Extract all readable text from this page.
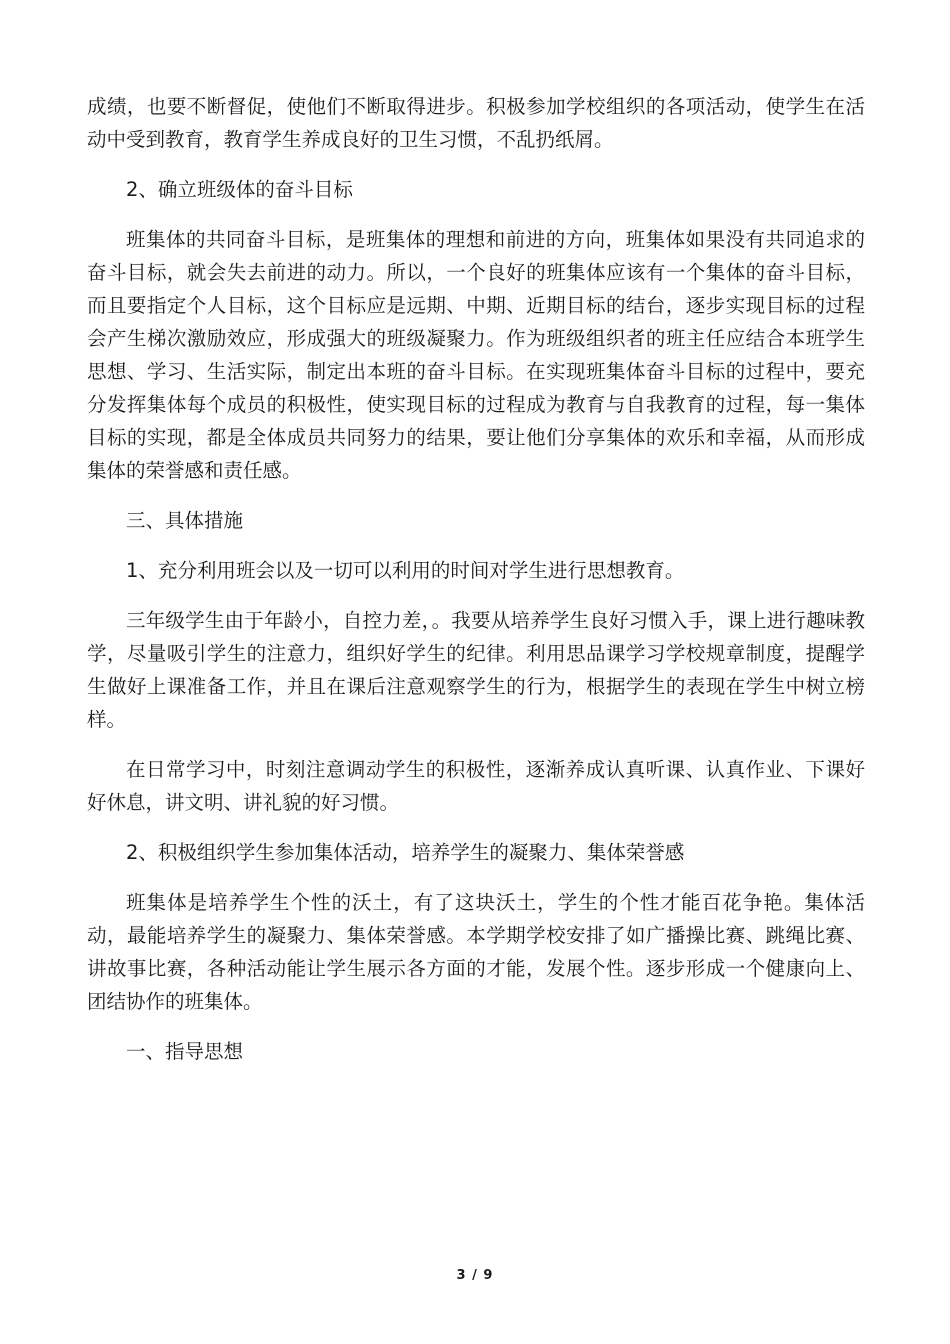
成绩，也要不断督促，使他们不断取得进步。积极参加学校组织的各项活动，使学生在活动中受到教育，教育学生养成良好的卫生习惯，不乱扔纸屑。

2、确立班级体的奋斗目标

班集体的共同奋斗目标，是班集体的理想和前进的方向，班集体如果没有共同追求的奋斗目标，就会失去前进的动力。所以，一个良好的班集体应该有一个集体的奋斗目标，而且要指定个人目标，这个目标应是远期、中期、近期目标的结台，逐步实现目标的过程会产生梯次激励效应，形成强大的班级凝聚力。作为班级组织者的班主任应结合本班学生思想、学习、生活实际，制定出本班的奋斗目标。在实现班集体奋斗目标的过程中，要充分发挥集体每个成员的积极性，使实现目标的过程成为教育与自我教育的过程，每一集体目标的实现，都是全体成员共同努力的结果，要让他们分享集体的欢乐和幸福，从而形成集体的荣誉感和责任感。

三、具体措施

1、充分利用班会以及一切可以利用的时间对学生进行思想教育。

三年级学生由于年龄小，自控力差，。我要从培养学生良好习惯入手，课上进行趣味教学，尽量吸引学生的注意力，组织好学生的纪律。利用思品课学习学校规章制度，提醒学生做好上课准备工作，并且在课后注意观察学生的行为，根据学生的表现在学生中树立榜样。

在日常学习中，时刻注意调动学生的积极性，逐渐养成认真听课、认真作业、下课好好休息，讲文明、讲礼貌的好习惯。

2、积极组织学生参加集体活动，培养学生的凝聚力、集体荣誉感

班集体是培养学生个性的沃土，有了这块沃土，学生的个性才能百花争艳。集体活动，最能培养学生的凝聚力、集体荣誉感。本学期学校安排了如广播操比赛、跳绳比赛、讲故事比赛，各种活动能让学生展示各方面的才能，发展个性。逐步形成一个健康向上、团结协作的班集体。

一、指导思想

3 / 9
